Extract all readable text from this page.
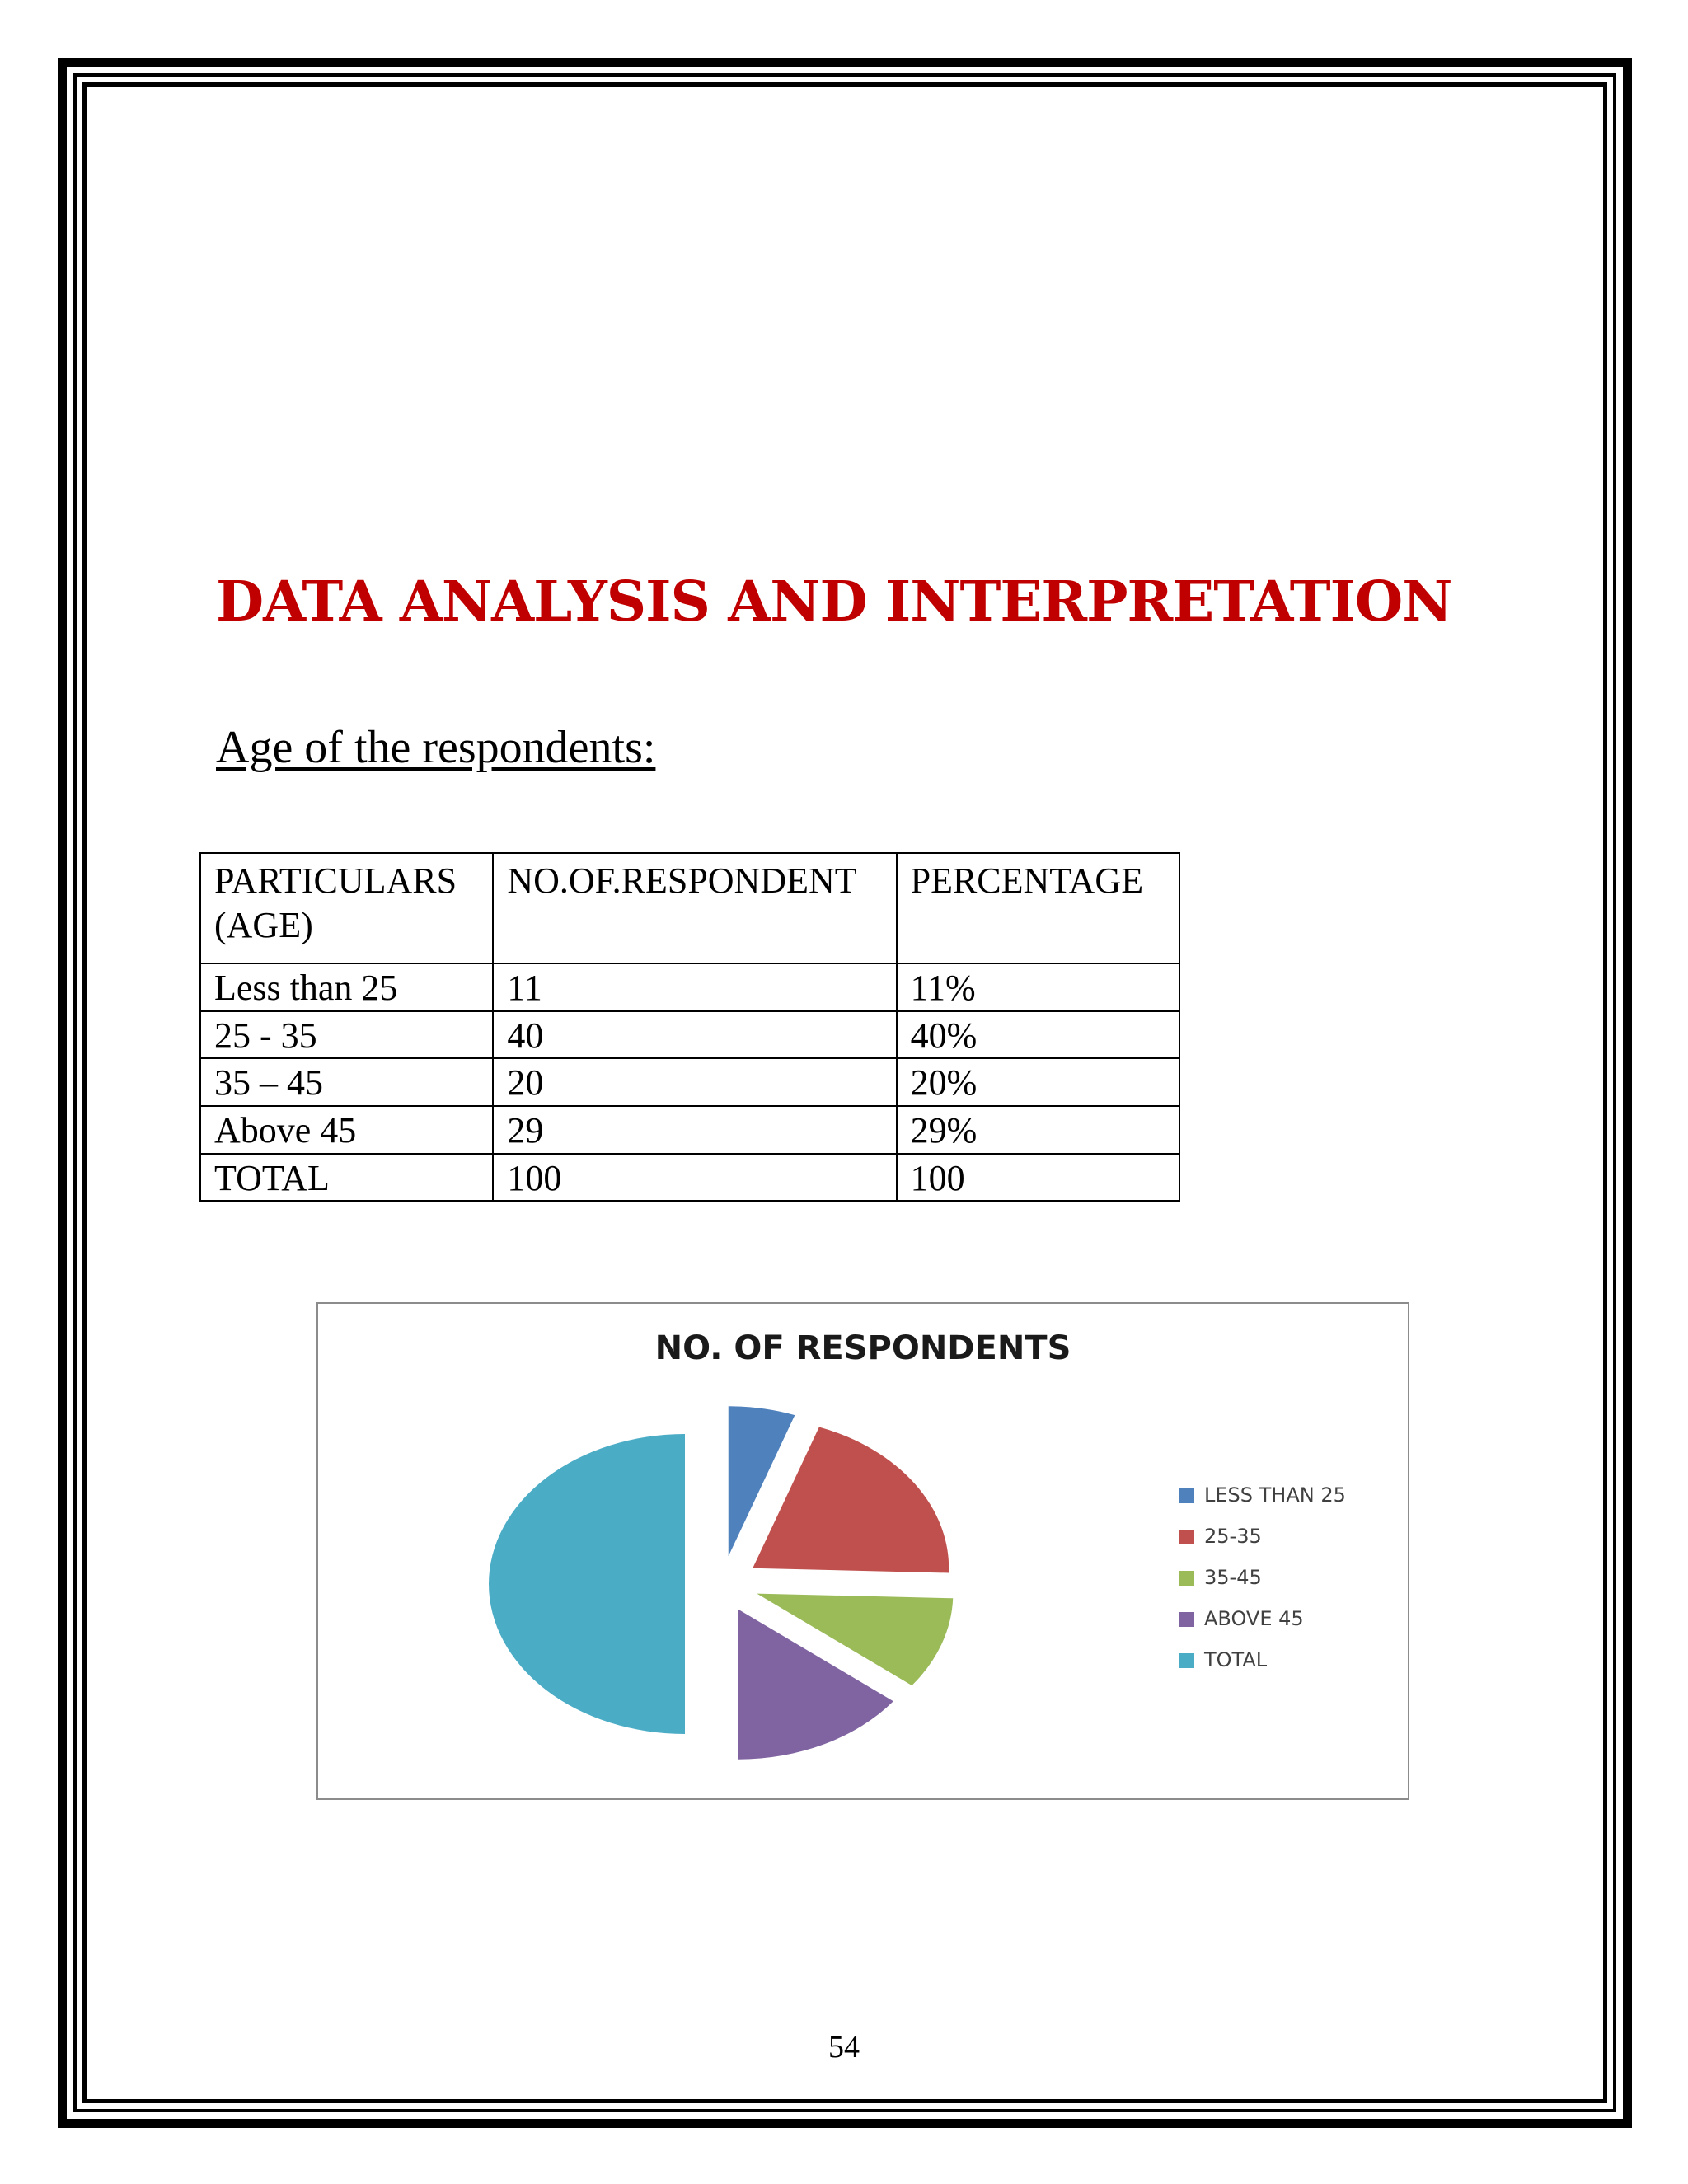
DATA ANALYSIS AND INTERPRETATION
Age of the respondents:
PARTICULARS (AGE)	NO.OF.RESPONDENT	PERCENTAGE
Less than 25	11	11%
25 - 35	40	40%
35 – 45	20	20%
Above 45	29	29%
TOTAL	100	100
NO. OF RESPONDENTS
LESS THAN 25
25-35
35-45
ABOVE 45
TOTAL
54
